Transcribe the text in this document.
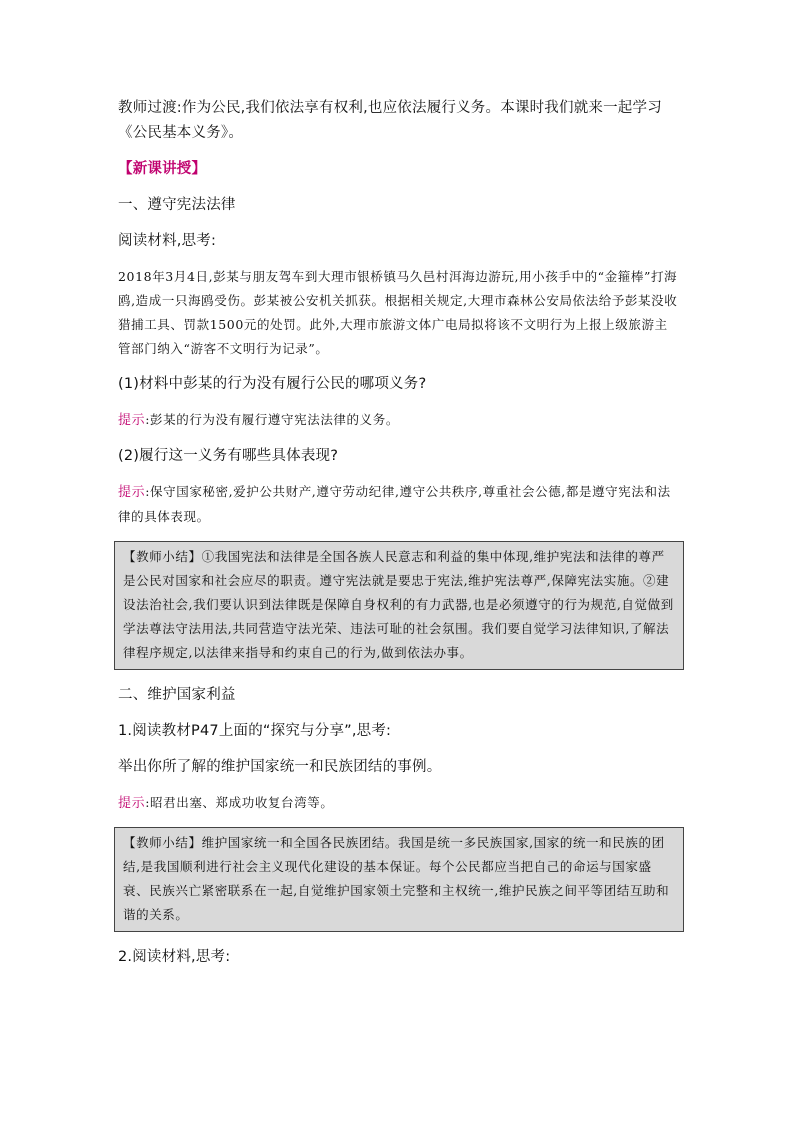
教师过渡:作为公民,我们依法享有权利,也应依法履行义务。本课时我们就来一起学习《公民基本义务》。

【新课讲授】

一、遵守宪法法律

阅读材料,思考:

2018年3月4日,彭某与朋友驾车到大理市银桥镇马久邑村洱海边游玩,用小孩手中的“金箍棒”打海鸥,造成一只海鸥受伤。彭某被公安机关抓获。根据相关规定,大理市森林公安局依法给予彭某没收猎捕工具、罚款1500元的处罚。此外,大理市旅游文体广电局拟将该不文明行为上报上级旅游主管部门纳入“游客不文明行为记录”。

(1)材料中彭某的行为没有履行公民的哪项义务?

提示:彭某的行为没有履行遵守宪法法律的义务。

(2)履行这一义务有哪些具体表现?

提示:保守国家秘密,爱护公共财产,遵守劳动纪律,遵守公共秩序,尊重社会公德,都是遵守宪法和法律的具体表现。

【教师小结】①我国宪法和法律是全国各族人民意志和利益的集中体现,维护宪法和法律的尊严是公民对国家和社会应尽的职责。遵守宪法就是要忠于宪法,维护宪法尊严,保障宪法实施。②建设法治社会,我们要认识到法律既是保障自身权利的有力武器,也是必须遵守的行为规范,自觉做到学法尊法守法用法,共同营造守法光荣、违法可耻的社会氛围。我们要自觉学习法律知识,了解法律程序规定,以法律来指导和约束自己的行为,做到依法办事。

二、维护国家利益

1.阅读教材P47上面的“探究与分享”,思考:

举出你所了解的维护国家统一和民族团结的事例。

提示:昭君出塞、郑成功收复台湾等。

【教师小结】维护国家统一和全国各民族团结。我国是统一多民族国家,国家的统一和民族的团结,是我国顺利进行社会主义现代化建设的基本保证。每个公民都应当把自己的命运与国家盛衰、民族兴亡紧密联系在一起,自觉维护国家领土完整和主权统一,维护民族之间平等团结互助和谐的关系。

2.阅读材料,思考:
